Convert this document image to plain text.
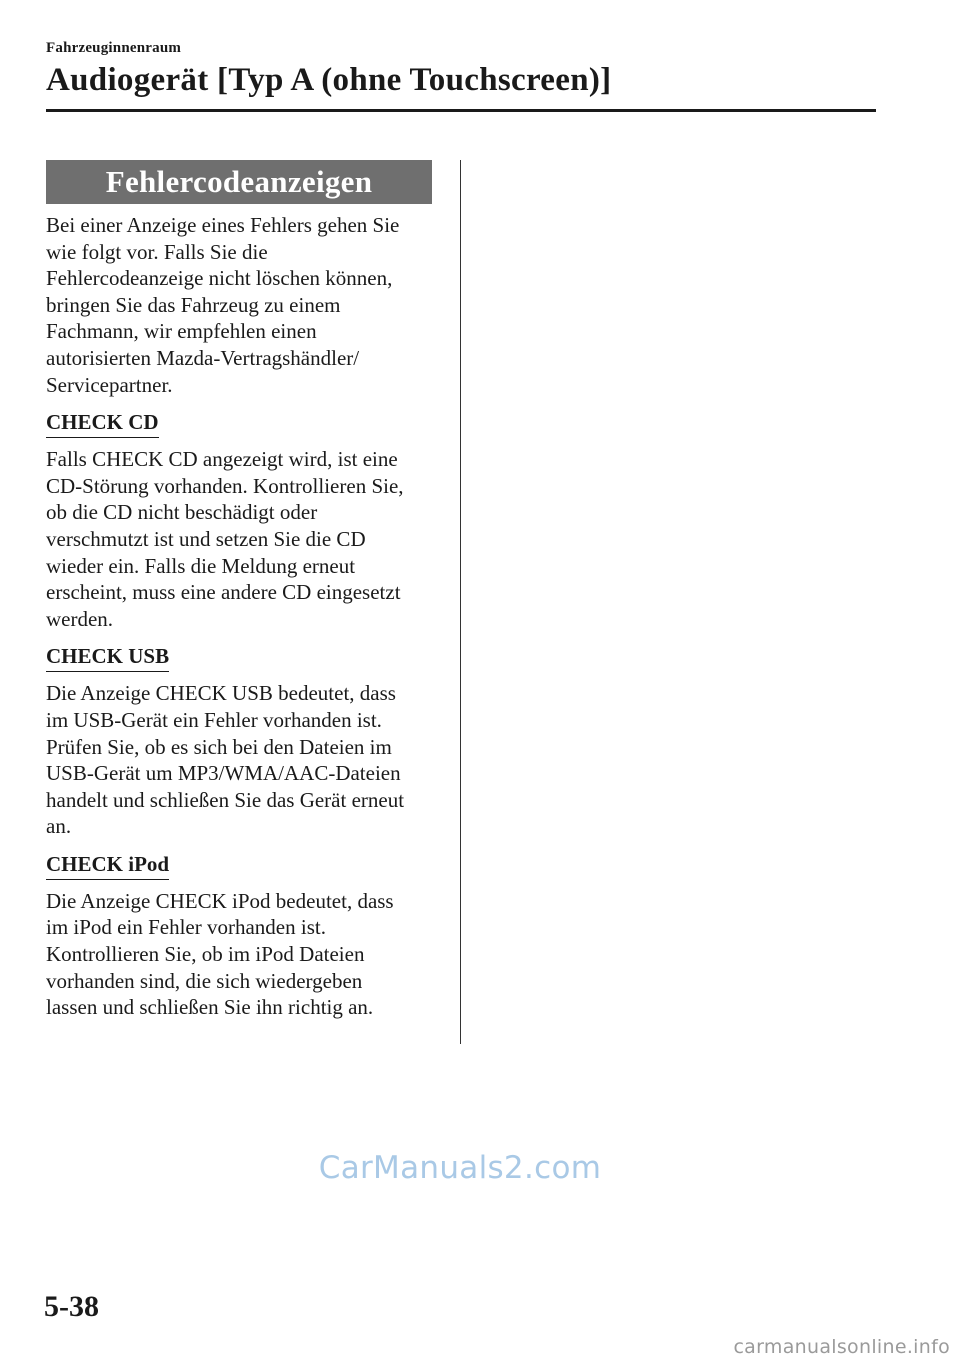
Fahrzeuginnenraum
Audiogerät [Typ A (ohne Touchscreen)]
Fehlercodeanzeigen
Bei einer Anzeige eines Fehlers gehen Sie
wie folgt vor. Falls Sie die
Fehlercodeanzeige nicht löschen können,
bringen Sie das Fahrzeug zu einem
Fachmann, wir empfehlen einen
autorisierten Mazda-Vertragshändler/
Servicepartner.
CHECK CD
Falls CHECK CD angezeigt wird, ist eine
CD-Störung vorhanden. Kontrollieren Sie,
ob die CD nicht beschädigt oder
verschmutzt ist und setzen Sie die CD
wieder ein. Falls die Meldung erneut
erscheint, muss eine andere CD eingesetzt
werden.
CHECK USB
Die Anzeige CHECK USB bedeutet, dass
im USB-Gerät ein Fehler vorhanden ist.
Prüfen Sie, ob es sich bei den Dateien im
USB-Gerät um MP3/WMA/AAC-Dateien
handelt und schließen Sie das Gerät erneut
an.
CHECK iPod
Die Anzeige CHECK iPod bedeutet, dass
im iPod ein Fehler vorhanden ist.
Kontrollieren Sie, ob im iPod Dateien
vorhanden sind, die sich wiedergeben
lassen und schließen Sie ihn richtig an.
CarManuals2.com
5-38
carmanualsonline.info
